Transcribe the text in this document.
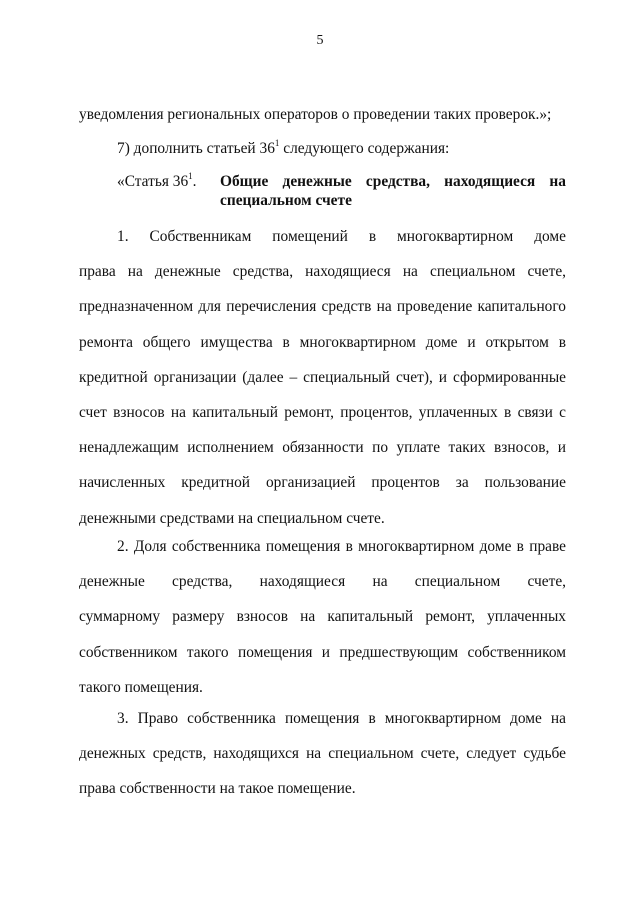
5
уведомления региональных операторов о проведении таких проверок.»;
7) дополнить статьей $36^1$ следующего содержания:
«Статья $36^1$.	Общие денежные средства, находящиеся на
специальном счете
1. Собственникам помещений в многоквартирном доме
права на денежные средства, находящиеся на специальном счете,
предназначенном для перечисления средств на проведение капитального
ремонта общего имущества в многоквартирном доме и открытом в
кредитной организации (далее – специальный счет), и сформированные
счет взносов на капитальный ремонт, процентов, уплаченных в связи с
ненадлежащим исполнением обязанности по уплате таких взносов, и
начисленных кредитной организацией процентов за пользование
денежными средствами на специальном счете.
2. Доля собственника помещения в многоквартирном доме в праве
денежные средства, находящиеся на специальном счете,
суммарному размеру взносов на капитальный ремонт, уплаченных
собственником такого помещения и предшествующим собственником
такого помещения.
3. Право собственника помещения в многоквартирном доме на
денежных средств, находящихся на специальном счете, следует судьбе
права собственности на такое помещение.
